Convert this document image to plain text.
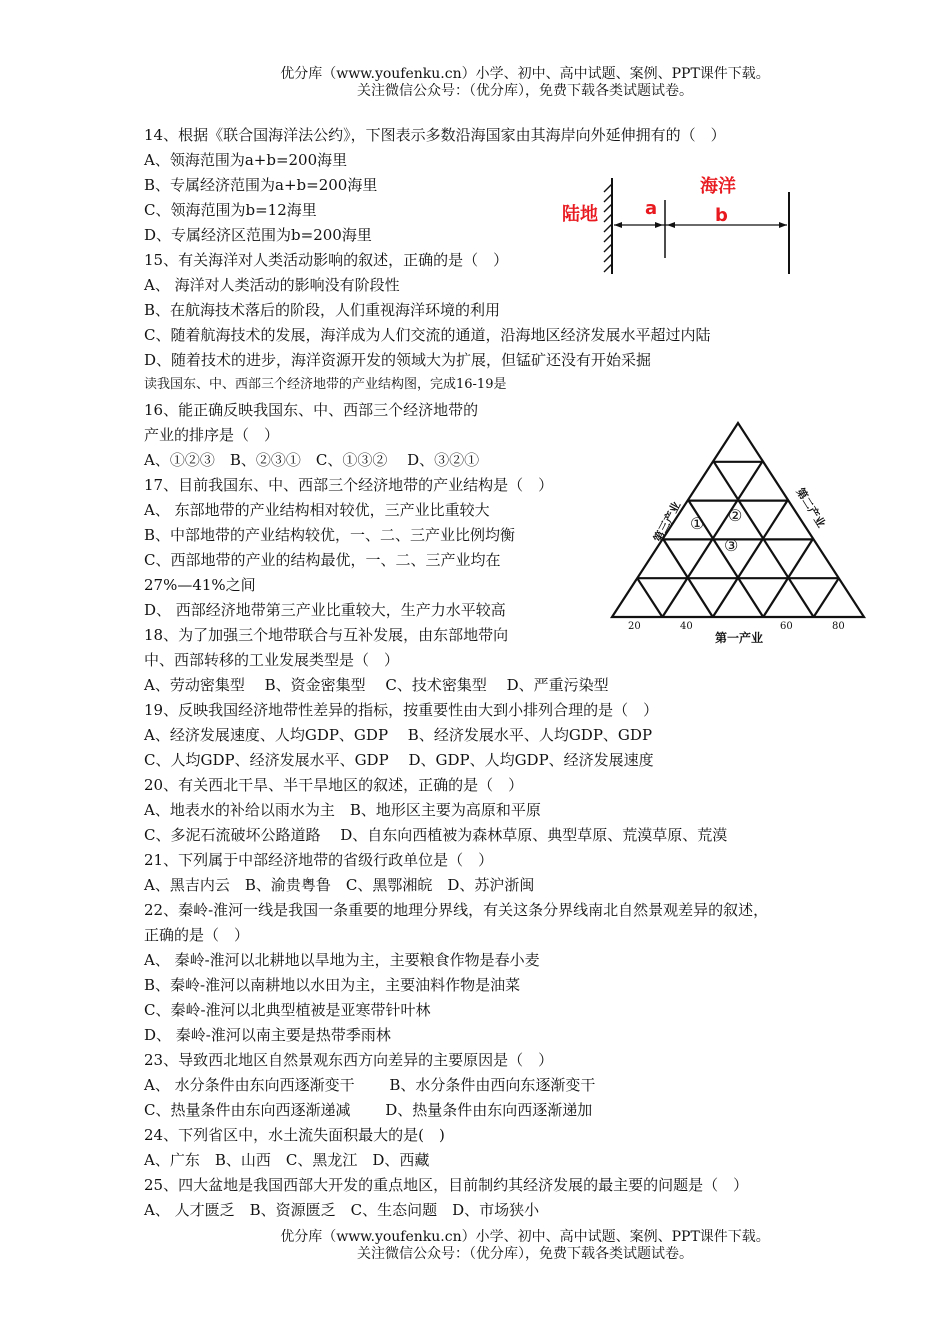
优分库（www.youfenku.cn）小学、初中、高中试题、案例、PPT课件下载。
关注微信公众号：（优分库），免费下载各类试题试卷。
14、根据《联合国海洋法公约》，下图表示多数沿海国家由其海岸向外延伸拥有的（　）
A、领海范围为a+b=200海里
B、专属经济范围为a+b=200海里
C、领海范围为b=12海里
D、专属经济区范围为b=200海里
15、有关海洋对人类活动影响的叙述，正确的是（　）
A、 海洋对人类活动的影响没有阶段性
B、在航海技术落后的阶段，人们重视海洋环境的利用
C、随着航海技术的发展，海洋成为人们交流的通道，沿海地区经济发展水平超过内陆
D、随着技术的进步，海洋资源开发的领域大为扩展，但锰矿还没有开始采掘
读我国东、中、西部三个经济地带的产业结构图，完成16-19是
16、能正确反映我国东、中、西部三个经济地带的
产业的排序是（　）
A、①②③　B、②③①　C、①③②　 D、③②①
17、目前我国东、中、西部三个经济地带的产业结构是（　）
A、 东部地带的产业结构相对较优，三产业比重较大
B、中部地带的产业结构较优，一、二、三产业比例均衡
C、西部地带的产业的结构最优，一、二、三产业均在
27%—41%之间
D、 西部经济地带第三产业比重较大，生产力水平较高
18、为了加强三个地带联合与互补发展，由东部地带向
中、西部转移的工业发展类型是（　）
A、劳动密集型　 B、资金密集型　 C、技术密集型　 D、严重污染型
19、反映我国经济地带性差异的指标，按重要性由大到小排列合理的是（　）
A、经济发展速度、人均GDP、GDP　 B、经济发展水平、人均GDP、GDP
C、人均GDP、经济发展水平、GDP　 D、GDP、人均GDP、经济发展速度
20、有关西北干旱、半干旱地区的叙述，正确的是（　）
A、地表水的补给以雨水为主　B、地形区主要为高原和平原
C、多泥石流破坏公路道路　 D、自东向西植被为森林草原、典型草原、荒漠草原、荒漠
21、下列属于中部经济地带的省级行政单位是（　）
A、黑吉内云　B、渝贵粤鲁　C、黑鄂湘皖　D、苏沪浙闽
22、秦岭-淮河一线是我国一条重要的地理分界线，有关这条分界线南北自然景观差异的叙述，
正确的是（　）
A、 秦岭-淮河以北耕地以旱地为主，主要粮食作物是春小麦
B、秦岭-淮河以南耕地以水田为主，主要油料作物是油菜
C、秦岭-淮河以北典型植被是亚寒带针叶林
D、 秦岭-淮河以南主要是热带季雨林
23、导致西北地区自然景观东西方向差异的主要原因是（　）
A、 水分条件由东向西逐渐变干　　 B、水分条件由西向东逐渐变干
C、热量条件由东向西逐渐递减　　 D、热量条件由东向西逐渐递加
24、下列省区中，水土流失面积最大的是(　)
A、广东　B、山西　C、黑龙江　D、西藏
25、四大盆地是我国西部大开发的重点地区，目前制约其经济发展的最主要的问题是（　）
A、 人才匮乏　B、资源匮乏　C、生态问题　D、市场狭小
陆地
海洋
a	b
① ②
③
20	40	60	80
第一产业
第三产业	第二产业
优分库（www.youfenku.cn）小学、初中、高中试题、案例、PPT课件下载。
关注微信公众号：（优分库），免费下载各类试题试卷。
